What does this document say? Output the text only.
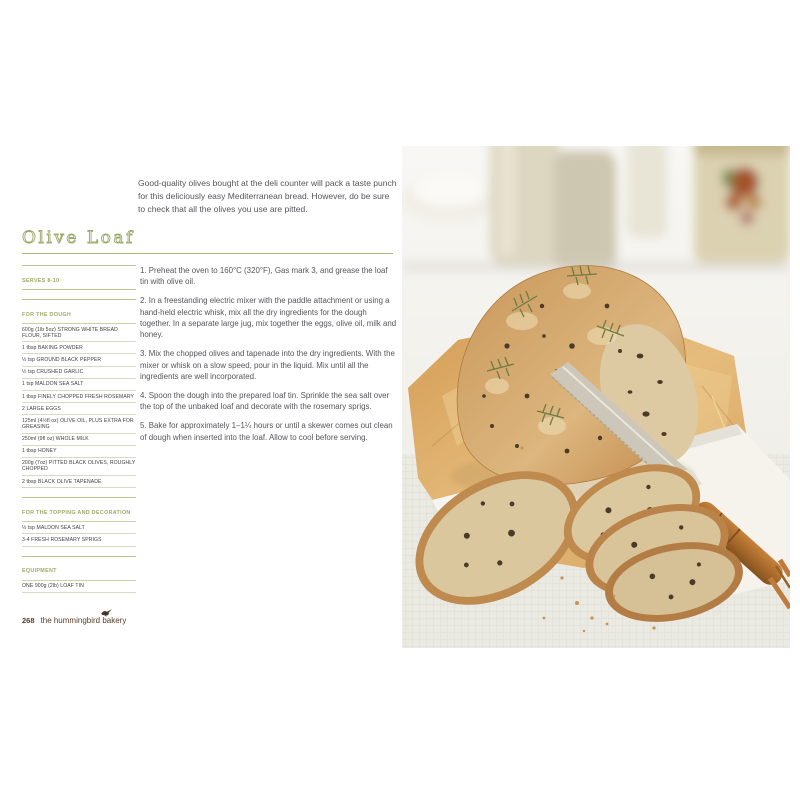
Good-quality olives bought at the deli counter will pack a taste punch for this deliciously easy Mediterranean bread. However, do be sure to check that all the olives you use are pitted.

Olive Loaf
SERVES 8-10
FOR THE DOUGH
600g (1lb 5oz) STRONG WHITE BREAD FLOUR, SIFTED
1 tbsp BAKING POWDER
½ tsp GROUND BLACK PEPPER
½ tsp CRUSHED GARLIC
1 tsp MALDON SEA SALT
1 tbsp FINELY CHOPPED FRESH ROSEMARY
2 LARGE EGGS
125ml (4½fl oz) OLIVE OIL, PLUS EXTRA FOR GREASING
250ml (9fl oz) WHOLE MILK
1 tbsp HONEY
200g (7oz) PITTED BLACK OLIVES, ROUGHLY CHOPPED
2 tbsp BLACK OLIVE TAPENADE
FOR THE TOPPING AND DECORATION
½ tsp MALDON SEA SALT
3-4 FRESH ROSEMARY SPRIGS
EQUIPMENT
ONE 900g (2lb) LOAF TIN

1. Preheat the oven to 160°C (320°F), Gas mark 3, and grease the loaf tin with olive oil.

2. In a freestanding electric mixer with the paddle attachment or using a hand-held electric whisk, mix all the dry ingredients for the dough together. In a separate large jug, mix together the eggs, olive oil, milk and honey.

3. Mix the chopped olives and tapenade into the dry ingredients. With the mixer or whisk on a slow speed, pour in the liquid. Mix until all the ingredients are well incorporated.

4. Spoon the dough into the prepared loaf tin. Sprinkle the sea salt over the top of the unbaked loaf and decorate with the rosemary sprigs.

5. Bake for approximately 1–1¼ hours or until a skewer comes out clean of dough when inserted into the loaf. Allow to cool before serving.

268 the hummingbird bakery
